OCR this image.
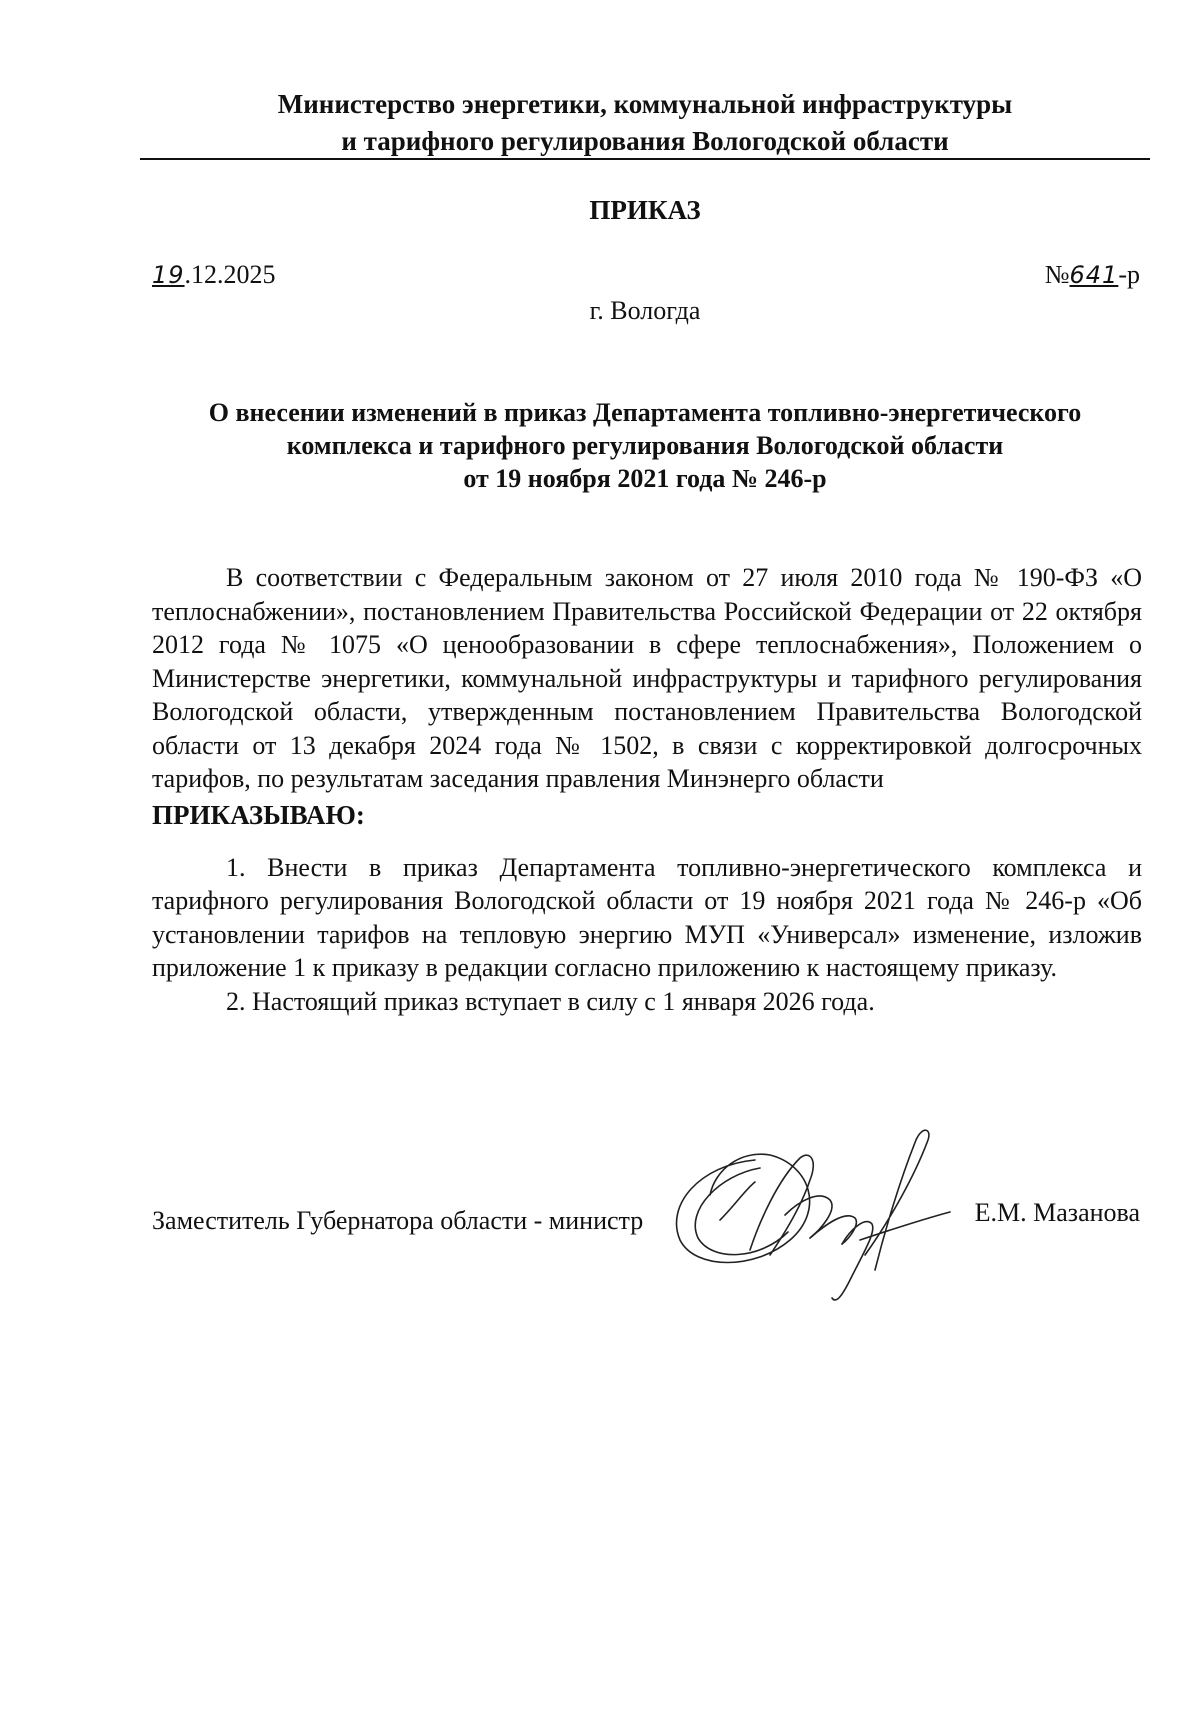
Министерство энергетики, коммунальной инфраструктуры
и тарифного регулирования Вологодской области
ПРИКАЗ
19.12.2025	№641-р
г. Вологда
О внесении изменений в приказ Департамента топливно-энергетического
комплекса и тарифного регулирования Вологодской области
от 19 ноября 2021 года № 246-р

В соответствии с Федеральным законом от 27 июля 2010 года № 190-ФЗ «О теплоснабжении», постановлением Правительства Российской Федерации от 22 октября 2012 года № 1075 «О ценообразовании в сфере теплоснабжения», Положением о Министерстве энергетики, коммунальной инфраструктуры и тарифного регулирования Вологодской области, утвержденным постановлением Правительства Вологодской области от 13 декабря 2024 года № 1502, в связи с корректировкой долгосрочных тарифов, по результатам заседания правления Минэнерго области

ПРИКАЗЫВАЮ:

1. Внести в приказ Департамента топливно-энергетического комплекса и тарифного регулирования Вологодской области от 19 ноября 2021 года № 246-р «Об установлении тарифов на тепловую энергию МУП «Универсал» изменение, изложив приложение 1 к приказу в редакции согласно приложению к настоящему приказу.

2. Настоящий приказ вступает в силу с 1 января 2026 года.

Заместитель Губернатора области - министр	Е.М. Мазанова
